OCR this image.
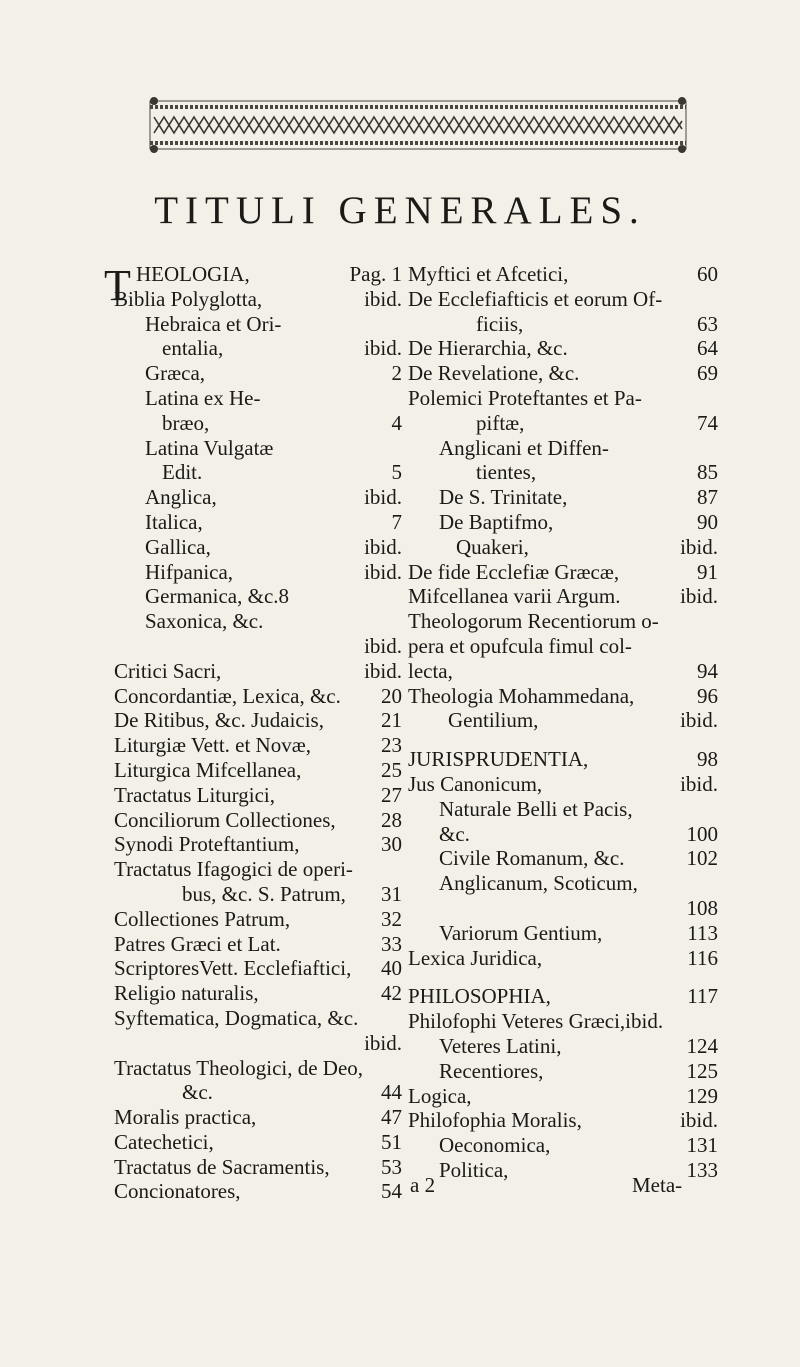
TITULI GENERALES.
T HEOLOGIA,	Pag. 1
Biblia Polyglotta,	ibid.
Hebraica et Ori-
entalia,	ibid.
Græca,	2
Latina ex He-
bræo,	4
Latina Vulgatæ
Edit.	5
Anglica,	ibid.
Italica,	7
Gallica,	ibid.
Hifpanica,	ibid.
Germanica, &c.8
Saxonica, &c.
ibid.
Critici Sacri,	ibid.
Concordantiæ, Lexica, &c. 20
De Ritibus, &c. Judaicis,	21
Liturgiæ Vett. et Novæ,	23
Liturgica Mifcellanea,	25
Tractatus Liturgici,	27
Conciliorum Collectiones, 28
Synodi Proteftantium,	30
Tractatus Ifagogici de operi-
bus, &c. S. Patrum, 31
Collectiones Patrum,	32
Patres Græci et Lat.	33
ScriptoresVett. Ecclefiaftici, 40
Religio naturalis,	42
Syftematica, Dogmatica, &c.
ibid.
Tractatus Theologici, de Deo,
&c.	44
Moralis practica,	47
Catechetici,	51
Tractatus de Sacramentis, 53
Concionatores,	54
Myftici et Afcetici,	60
De Ecclefiafticis et eorum Of-
ficiis,	63
De Hierarchia, &c.	64
De Revelatione, &c.	69
Polemici Proteftantes et Pa-
piftæ,	74
Anglicani et Diffen-
tientes,	85
De S. Trinitate,	87
De Baptifmo,	90
Quakeri,	ibid.
De fide Ecclefiæ Græcæ,	91
Mifcellanea varii Argum.	ibid.
Theologorum Recentiorum o-
pera et opufcula fimul col-
lecta,	94
Theologia Mohammedana,	96
Gentilium,	ibid.
JURISPRUDENTIA,	98
Jus Canonicum,	ibid.
Naturale Belli et Pacis,
&c.	100
Civile Romanum, &c.	102
Anglicanum, Scoticum,
108
Variorum Gentium,	113
Lexica Juridica,	116
PHILOSOPHIA,	117
Philofophi Veteres Græci,ibid.
Veteres Latini,	124
Recentiores,	125
Logica,	129
Philofophia Moralis,	ibid.
Oeconomica,	131
Politica,	133
a 2	Meta-
